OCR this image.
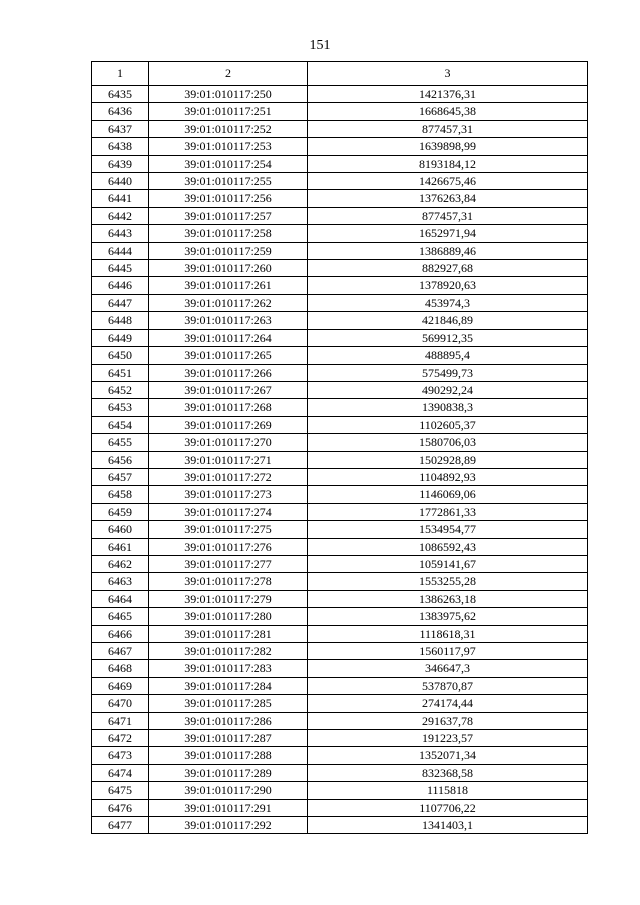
151
1	2	3
6435	39:01:010117:250	1421376,31
6436	39:01:010117:251	1668645,38
6437	39:01:010117:252	877457,31
6438	39:01:010117:253	1639898,99
6439	39:01:010117:254	8193184,12
6440	39:01:010117:255	1426675,46
6441	39:01:010117:256	1376263,84
6442	39:01:010117:257	877457,31
6443	39:01:010117:258	1652971,94
6444	39:01:010117:259	1386889,46
6445	39:01:010117:260	882927,68
6446	39:01:010117:261	1378920,63
6447	39:01:010117:262	453974,3
6448	39:01:010117:263	421846,89
6449	39:01:010117:264	569912,35
6450	39:01:010117:265	488895,4
6451	39:01:010117:266	575499,73
6452	39:01:010117:267	490292,24
6453	39:01:010117:268	1390838,3
6454	39:01:010117:269	1102605,37
6455	39:01:010117:270	1580706,03
6456	39:01:010117:271	1502928,89
6457	39:01:010117:272	1104892,93
6458	39:01:010117:273	1146069,06
6459	39:01:010117:274	1772861,33
6460	39:01:010117:275	1534954,77
6461	39:01:010117:276	1086592,43
6462	39:01:010117:277	1059141,67
6463	39:01:010117:278	1553255,28
6464	39:01:010117:279	1386263,18
6465	39:01:010117:280	1383975,62
6466	39:01:010117:281	1118618,31
6467	39:01:010117:282	1560117,97
6468	39:01:010117:283	346647,3
6469	39:01:010117:284	537870,87
6470	39:01:010117:285	274174,44
6471	39:01:010117:286	291637,78
6472	39:01:010117:287	191223,57
6473	39:01:010117:288	1352071,34
6474	39:01:010117:289	832368,58
6475	39:01:010117:290	1115818
6476	39:01:010117:291	1107706,22
6477	39:01:010117:292	1341403,1
